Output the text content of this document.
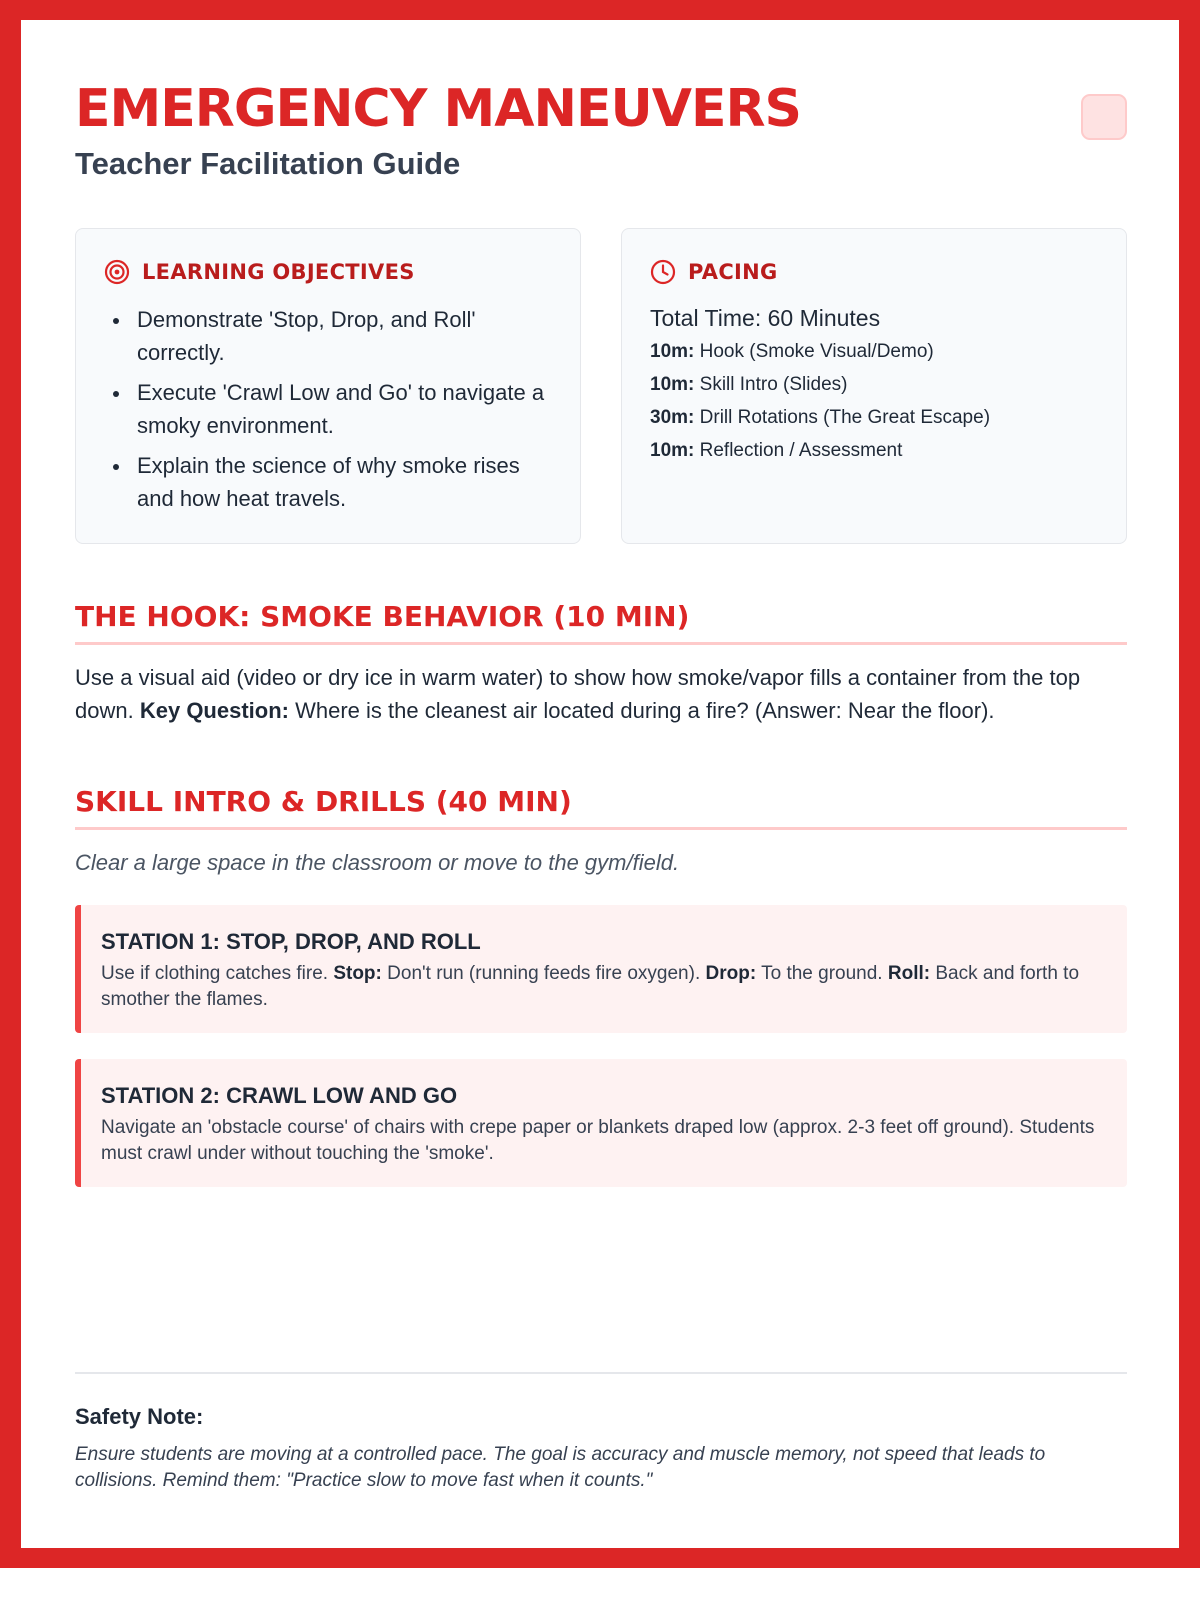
EMERGENCY MANEUVERS
Teacher Facilitation Guide
LEARNING OBJECTIVES
Demonstrate 'Stop, Drop, and Roll' correctly.
Execute 'Crawl Low and Go' to navigate a smoky environment.
Explain the science of why smoke rises and how heat travels.
PACING
Total Time: 60 Minutes
10m: Hook (Smoke Visual/Demo)
10m: Skill Intro (Slides)
30m: Drill Rotations (The Great Escape)
10m: Reflection / Assessment
THE HOOK: SMOKE BEHAVIOR (10 MIN)

Use a visual aid (video or dry ice in warm water) to show how smoke/vapor fills a container from the top down. Key Question: Where is the cleanest air located during a fire? (Answer: Near the floor).

SKILL INTRO & DRILLS (40 MIN)

Clear a large space in the classroom or move to the gym/field.

STATION 1: STOP, DROP, AND ROLL
Use if clothing catches fire. Stop: Don't run (running feeds fire oxygen). Drop: To the ground. Roll: Back and forth to smother the flames.
STATION 2: CRAWL LOW AND GO
Navigate an 'obstacle course' of chairs with crepe paper or blankets draped low (approx. 2-3 feet off ground). Students must crawl under without touching the 'smoke'.
Safety Note:
Ensure students are moving at a controlled pace. The goal is accuracy and muscle memory, not speed that leads to collisions. Remind them: "Practice slow to move fast when it counts."
